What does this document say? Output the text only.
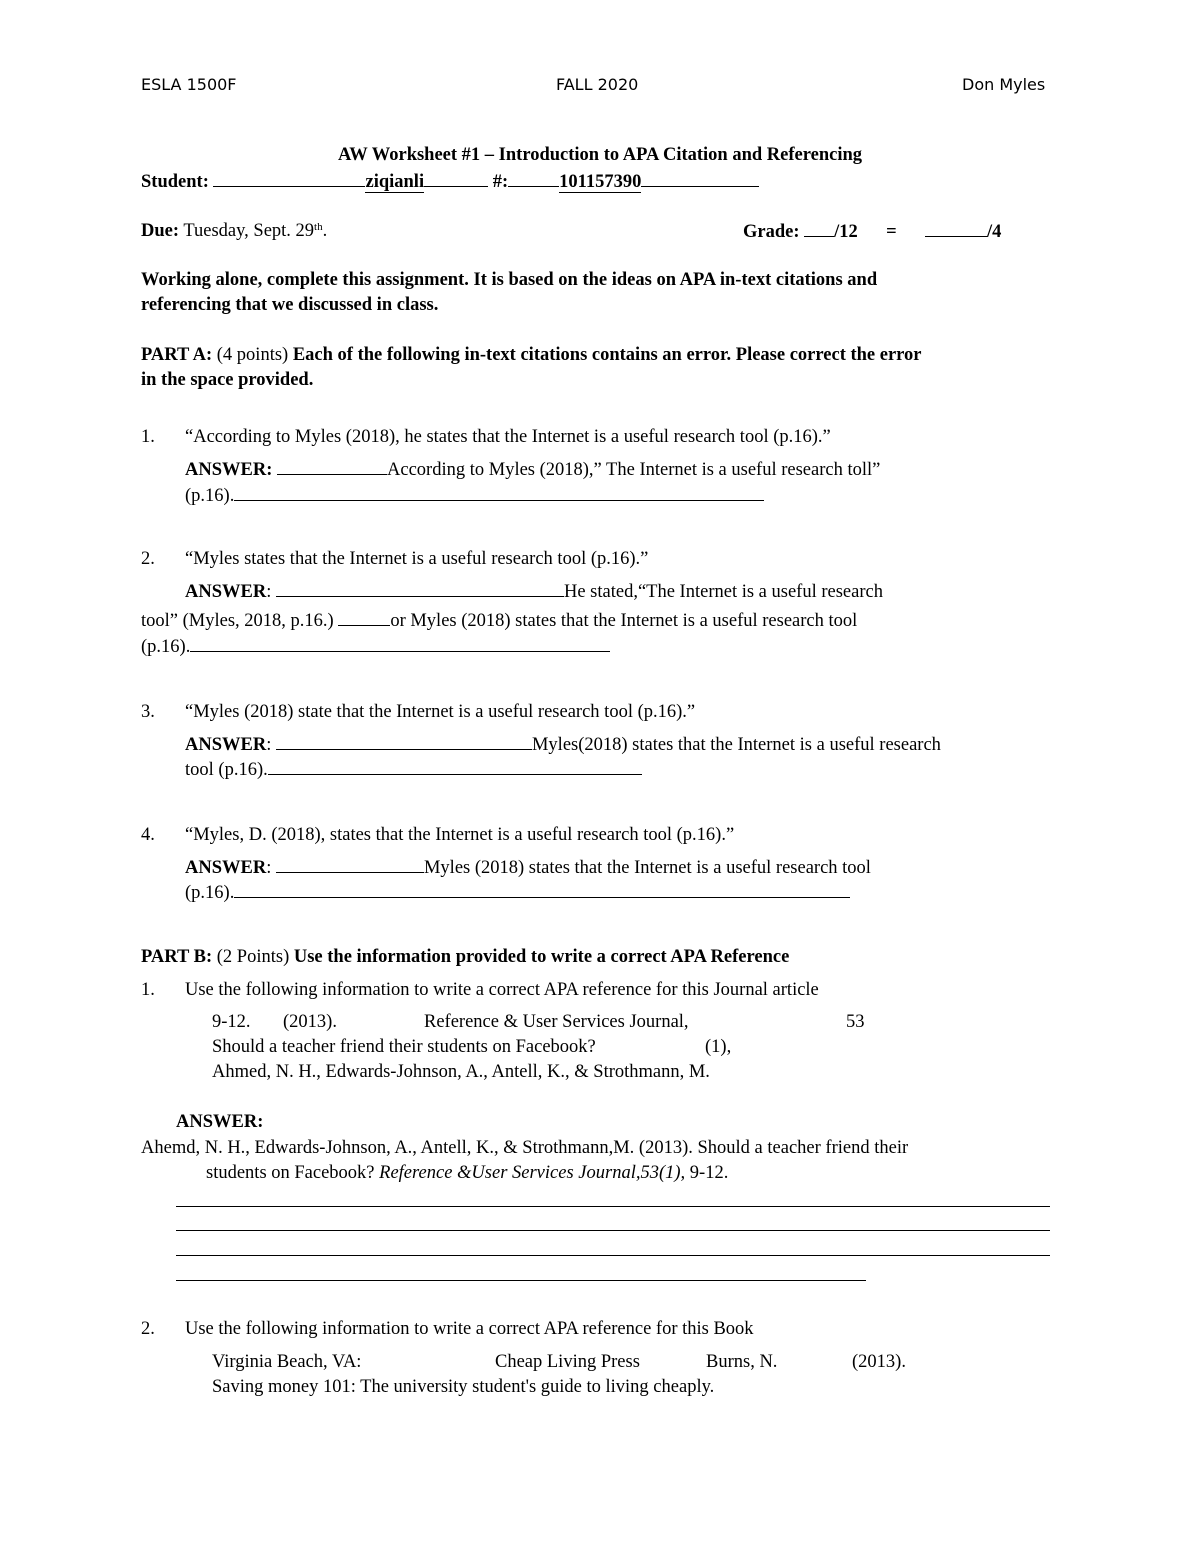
ESLA 1500F	FALL 2020	Don Myles
AW Worksheet #1 – Introduction to APA Citation and Referencing
Student:	ziqianli	#:	101157390
Due: Tuesday, Sept. 29th.	Grade: /12 =	/4
Working alone, complete this assignment. It is based on the ideas on APA in-text citations and
referencing that we discussed in class.
PART A: (4 points) Each of the following in-text citations contains an error. Please correct the error
in the space provided.
1. “According to Myles (2018), he states that the Internet is a useful research tool (p.16).”
ANSWER:	According to Myles (2018),” The Internet is a useful research toll”
(p.16).
2. “Myles states that the Internet is a useful research tool (p.16).”
ANSWER:	He stated,“The Internet is a useful research
tool” (Myles, 2018, p.16.)	or Myles (2018) states that the Internet is a useful research tool
(p.16).
3. “Myles (2018) state that the Internet is a useful research tool (p.16).”
ANSWER:	Myles(2018) states that the Internet is a useful research
tool (p.16).
4. “Myles, D. (2018), states that the Internet is a useful research tool (p.16).”
ANSWER:	Myles (2018) states that the Internet is a useful research tool
(p.16).
PART B: (2 Points) Use the information provided to write a correct APA Reference
1. Use the following information to write a correct APA reference for this Journal article
9-12. (2013).	Reference & User Services Journal,	53
Should a teacher friend their students on Facebook?	(1),
Ahmed, N. H., Edwards-Johnson, A., Antell, K., & Strothmann, M.
ANSWER:
Ahemd, N. H., Edwards-Johnson, A., Antell, K., & Strothmann,M. (2013). Should a teacher friend their
students on Facebook? Reference &User Services Journal,53(1), 9-12.
2. Use the following information to write a correct APA reference for this Book
Virginia Beach, VA:	Cheap Living Press	Burns, N.	(2013).
Saving money 101: The university student's guide to living cheaply.
